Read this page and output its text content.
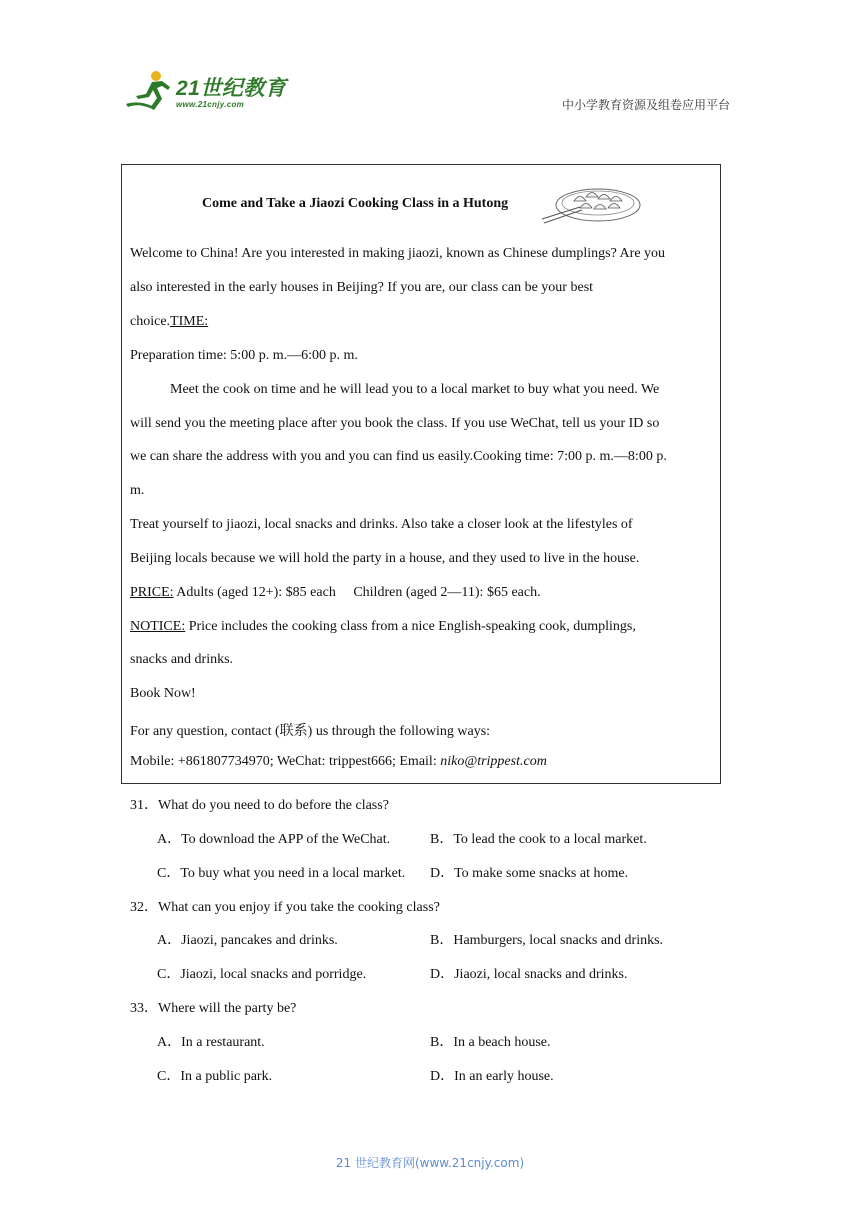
21世纪教育
www.21cnjy.com	中小学教育资源及组卷应用平台
Come and Take a Jiaozi Cooking Class in a Hutong
Welcome to China! Are you interested in making jiaozi, known as Chinese dumplings? Are you
also interested in the early houses in Beijing? If you are, our class can be your best
choice.TIME:
Preparation time: 5:00 p. m.—6:00 p. m.
Meet the cook on time and he will lead you to a local market to buy what you need. We
will send you the meeting place after you book the class. If you use WeChat, tell us your ID so
we can share the address with you and you can find us easily.Cooking time: 7:00 p. m.—8:00 p.
m.
Treat yourself to jiaozi, local snacks and drinks. Also take a closer look at the lifestyles of
Beijing locals because we will hold the party in a house, and they used to live in the house.
PRICE: Adults (aged 12+): $85 each     Children (aged 2—11): $65 each.
NOTICE: Price includes the cooking class from a nice English-speaking cook, dumplings,
snacks and drinks.
Book Now!
For any question, contact (联系) us through the following ways:
Mobile: +861807734970; WeChat: trippest666; Email: niko@trippest.com
31．What do you need to do before the class?
A．To download the APP of the WeChat.	B．To lead the cook to a local market.
C．To buy what you need in a local market. D．To make some snacks at home.
32．What can you enjoy if you take the cooking class?
A．Jiaozi, pancakes and drinks.	B．Hamburgers, local snacks and drinks.
C．Jiaozi, local snacks and porridge.	D．Jiaozi, local snacks and drinks.
33．Where will the party be?
A．In a restaurant.	B．In a beach house.
C．In a public park.	D．In an early house.
21 世纪教育网(www.21cnjy.com)
